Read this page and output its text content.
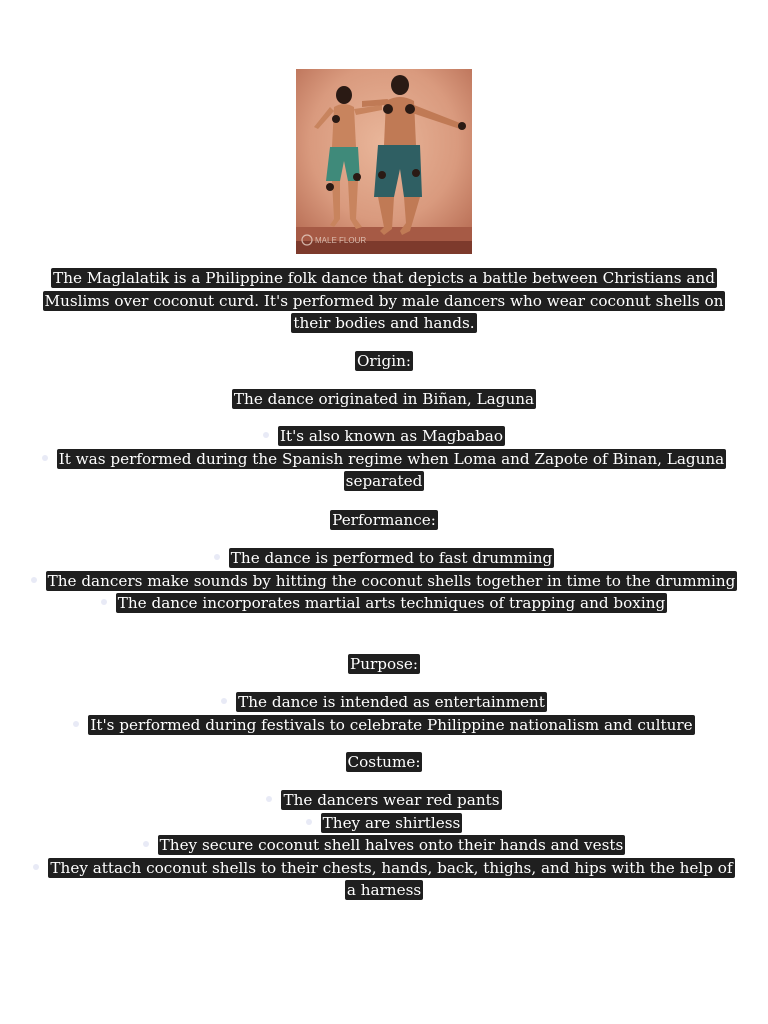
MALE FLOUR
The Maglalatik is a Philippine folk dance that depicts a battle between Christians and Muslims over coconut curd. It's performed by male dancers who wear coconut shells on their bodies and hands.
Origin:
The dance originated in Biñan, Laguna
It's also known as Magbabao
It was performed during the Spanish regime when Loma and Zapote of Binan, Laguna separated
Performance:
The dance is performed to fast drumming
The dancers make sounds by hitting the coconut shells together in time to the drumming
The dance incorporates martial arts techniques of trapping and boxing
Purpose:
The dance is intended as entertainment
It's performed during festivals to celebrate Philippine nationalism and culture
Costume:
The dancers wear red pants
They are shirtless
They secure coconut shell halves onto their hands and vests
They attach coconut shells to their chests, hands, back, thighs, and hips with the help of a harness
